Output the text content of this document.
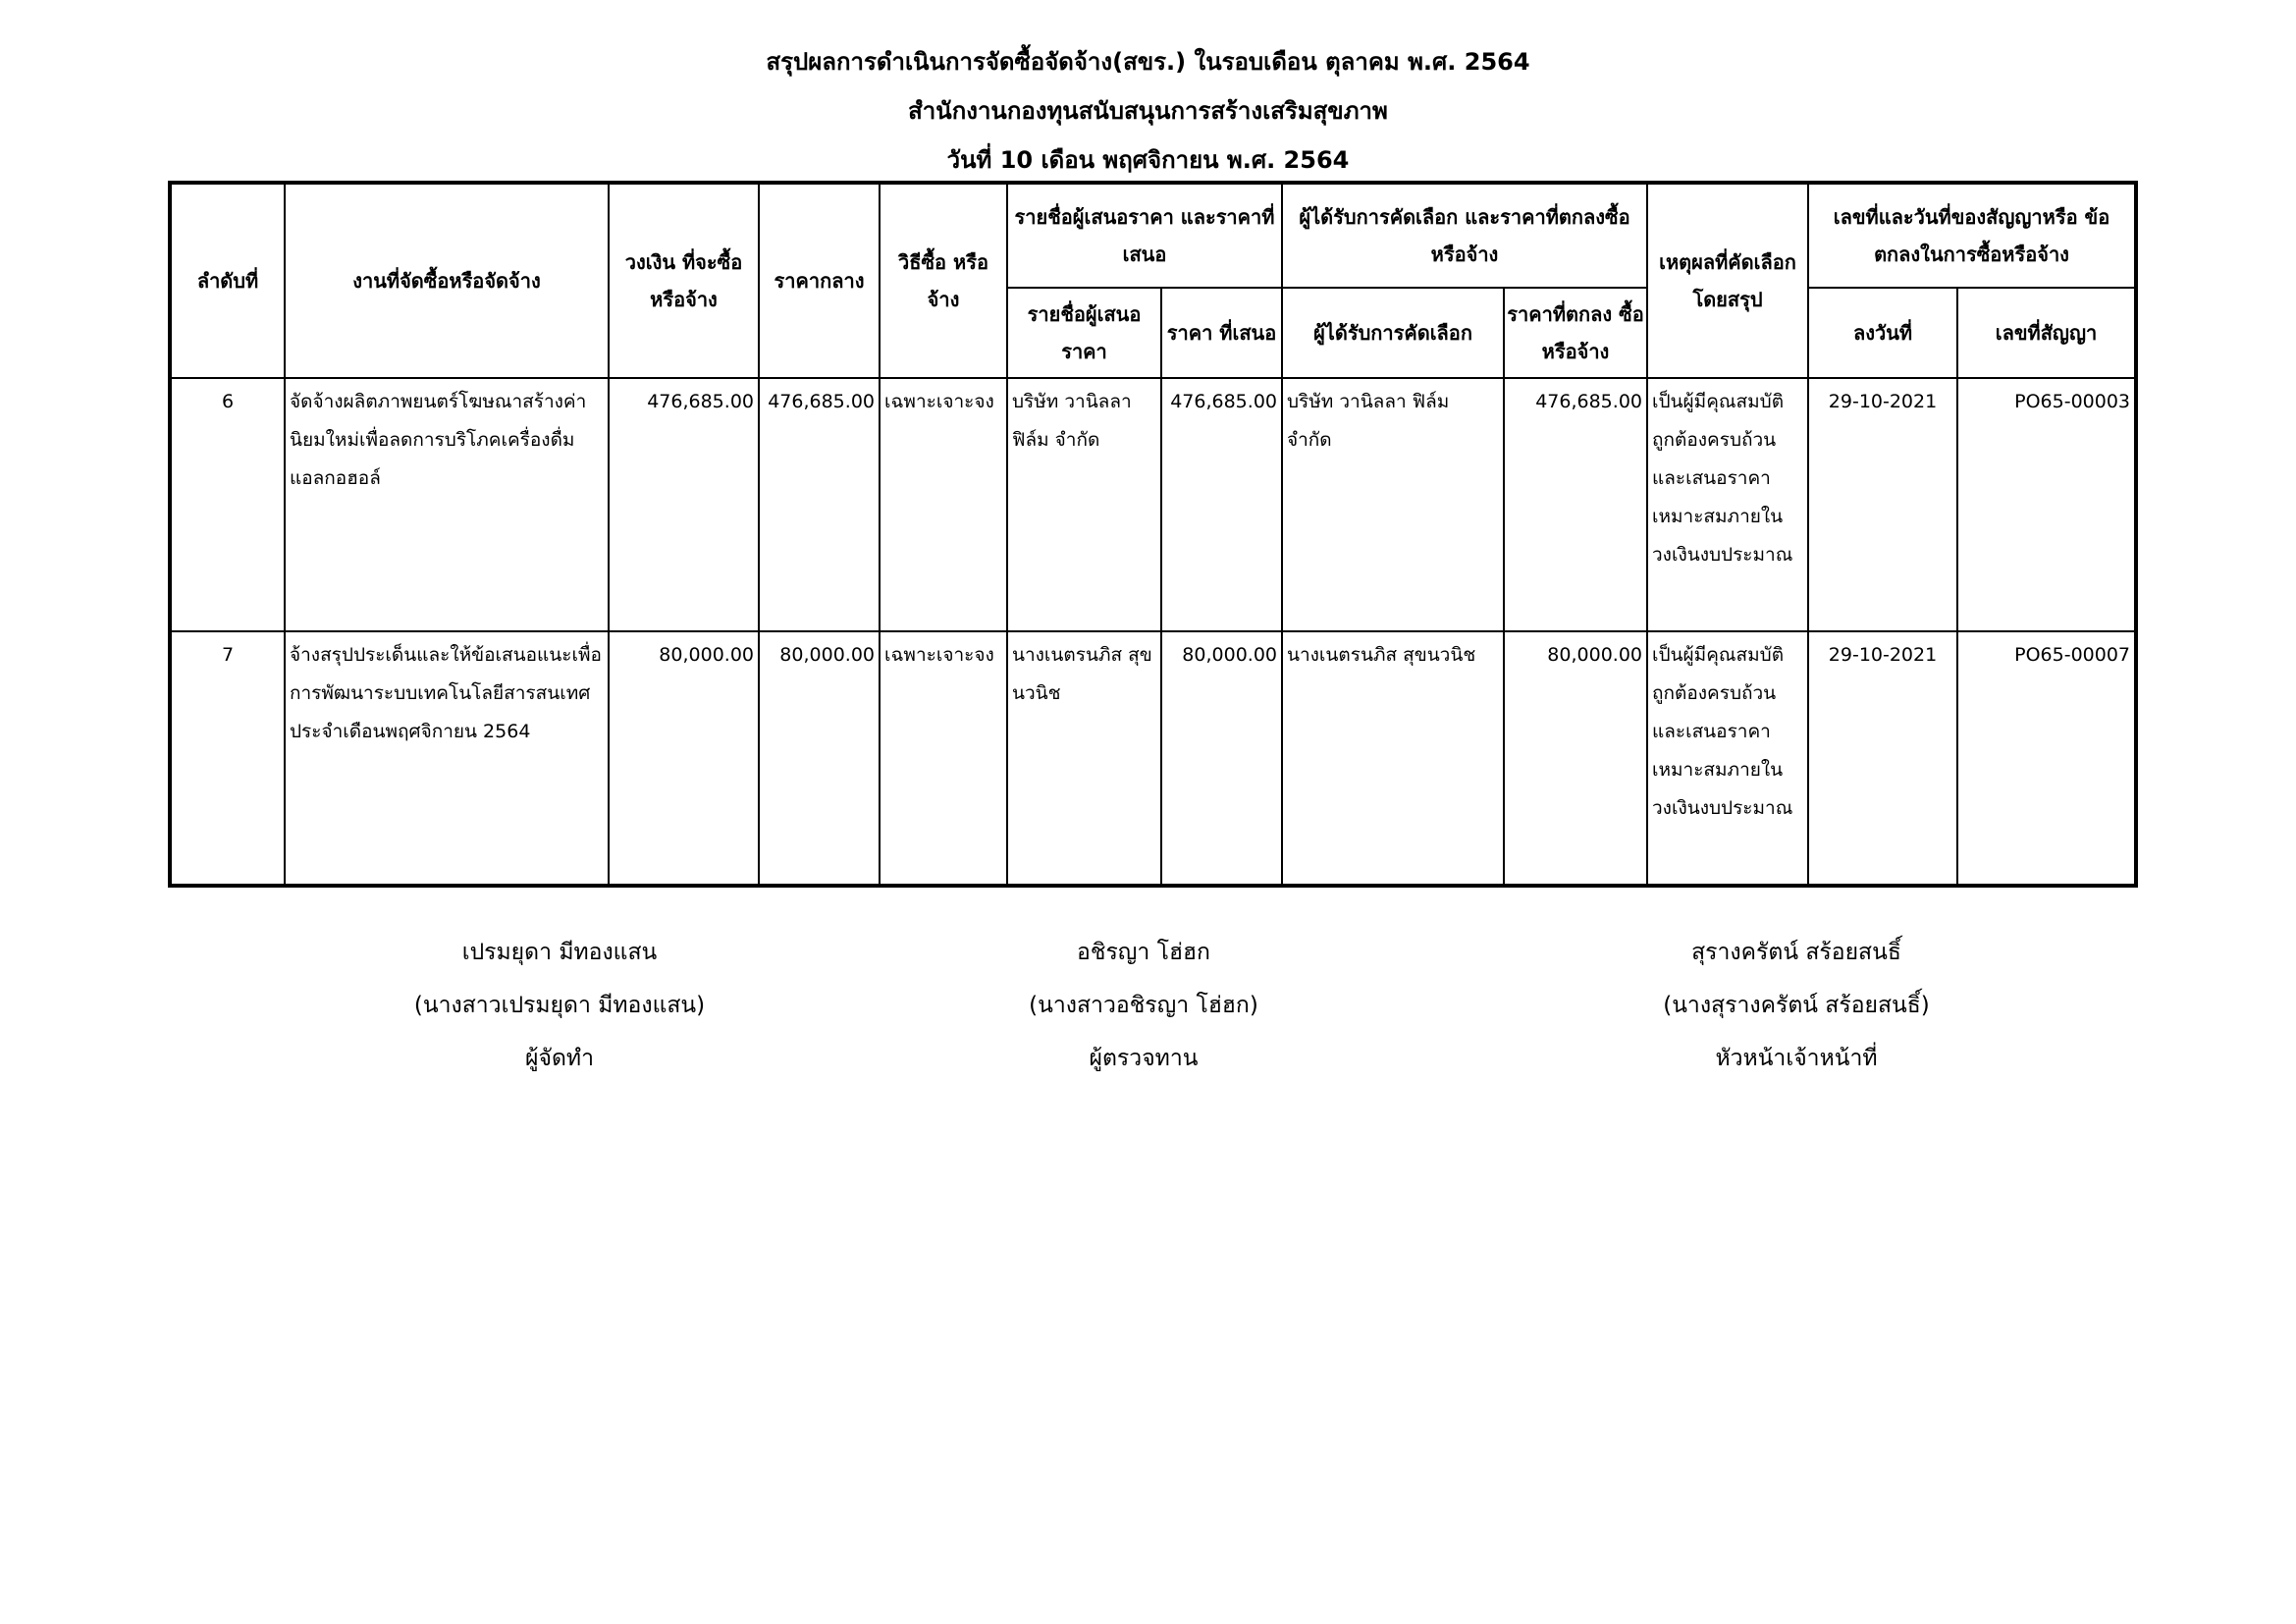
สรุปผลการดำเนินการจัดซื้อจัดจ้าง(สขร.) ในรอบเดือน ตุลาคม พ.ศ. 2564
สำนักงานกองทุนสนับสนุนการสร้างเสริมสุขภาพ
วันที่ 10 เดือน พฤศจิกายน พ.ศ. 2564
ลำดับที่	งานที่จัดซื้อหรือจัดจ้าง	วงเงิน ที่จะซื้อ หรือจ้าง	ราคากลาง	วิธีซื้อ หรือจ้าง	รายชื่อผู้เสนอราคา และราคาที่เสนอ		ผู้ได้รับการคัดเลือก และราคาที่ตกลงซื้อหรือจ้าง		เหตุผลที่คัดเลือก โดยสรุป	เลขที่และวันที่ของสัญญาหรือ ข้อตกลงในการซื้อหรือจ้าง	
					รายชื่อผู้เสนอ ราคา	ราคา ที่เสนอ	ผู้ได้รับการคัดเลือก	ราคาที่ตกลง ซื้อหรือจ้าง		ลงวันที่	เลขที่สัญญา
6	จัดจ้างผลิตภาพยนตร์โฆษณาสร้างค่านิยมใหม่เพื่อลดการบริโภคเครื่องดื่มแอลกอฮอล์	476,685.00	476,685.00	เฉพาะเจาะจง	บริษัท วานิลลา ฟิล์ม จำกัด	476,685.00	บริษัท วานิลลา ฟิล์ม จำกัด	476,685.00	เป็นผู้มีคุณสมบัติถูกต้องครบถ้วนและเสนอราคาเหมาะสมภายในวงเงินงบประมาณ	29-10-2021	PO65-00003
7	จ้างสรุปประเด็นและให้ข้อเสนอแนะเพื่อการพัฒนาระบบเทคโนโลยีสารสนเทศ ประจำเดือนพฤศจิกายน 2564	80,000.00	80,000.00	เฉพาะเจาะจง	นางเนตรนภิส สุขนวนิช	80,000.00	นางเนตรนภิส สุขนวนิช	80,000.00	เป็นผู้มีคุณสมบัติถูกต้องครบถ้วนและเสนอราคาเหมาะสมภายในวงเงินงบประมาณ	29-10-2021	PO65-00007
เปรมยุดา มีทองแสน
(นางสาวเปรมยุดา มีทองแสน)
ผู้จัดทำ
อชิรญา โฮ่ฮก
(นางสาวอชิรญา โฮ่ฮก)
ผู้ตรวจทาน
สุรางครัตน์ สร้อยสนธิ์
(นางสุรางครัตน์ สร้อยสนธิ์)
หัวหน้าเจ้าหน้าที่
